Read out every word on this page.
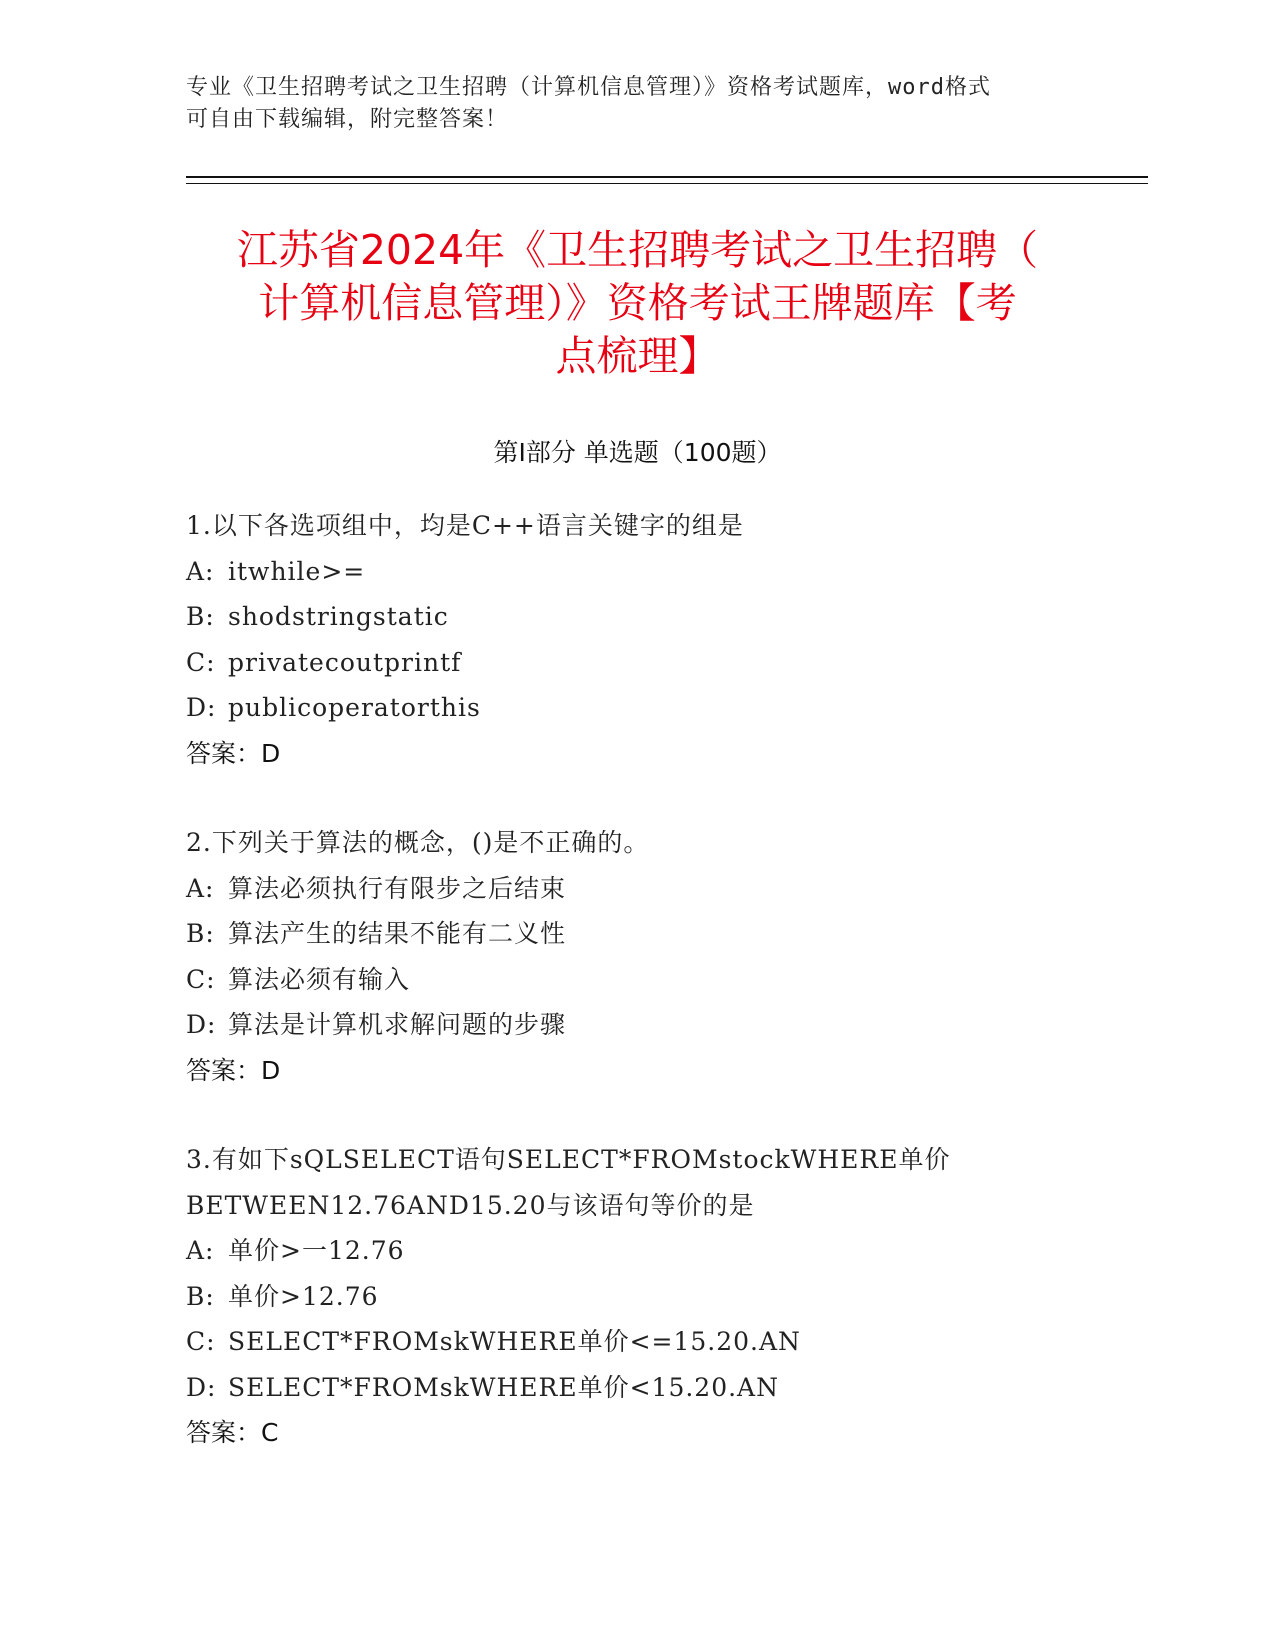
专业《卫生招聘考试之卫生招聘（计算机信息管理）》资格考试题库，word格式
可自由下载编辑，附完整答案！
江苏省2024年《卫生招聘考试之卫生招聘（
计算机信息管理）》资格考试王牌题库【考
点梳理】
第Ⅰ部分 单选题（100题）
1.以下各选项组中，均是C++语言关键字的组是
A: itwhile>=
B: shodstringstatic
C: privatecoutprintf
D: publicoperatorthis
答案：D
2.下列关于算法的概念，()是不正确的。
A: 算法必须执行有限步之后结束
B: 算法产生的结果不能有二义性
C: 算法必须有输入
D: 算法是计算机求解问题的步骤
答案：D
3.有如下sQLSELECT语句SELECT*FROMstockWHERE单价
BETWEEN12.76AND15.20与该语句等价的是
A: 单价>一12.76
B: 单价>12.76
C: SELECT*FROMskWHERE单价<=15.20.AN
D: SELECT*FROMskWHERE单价<15.20.AN
答案：C
